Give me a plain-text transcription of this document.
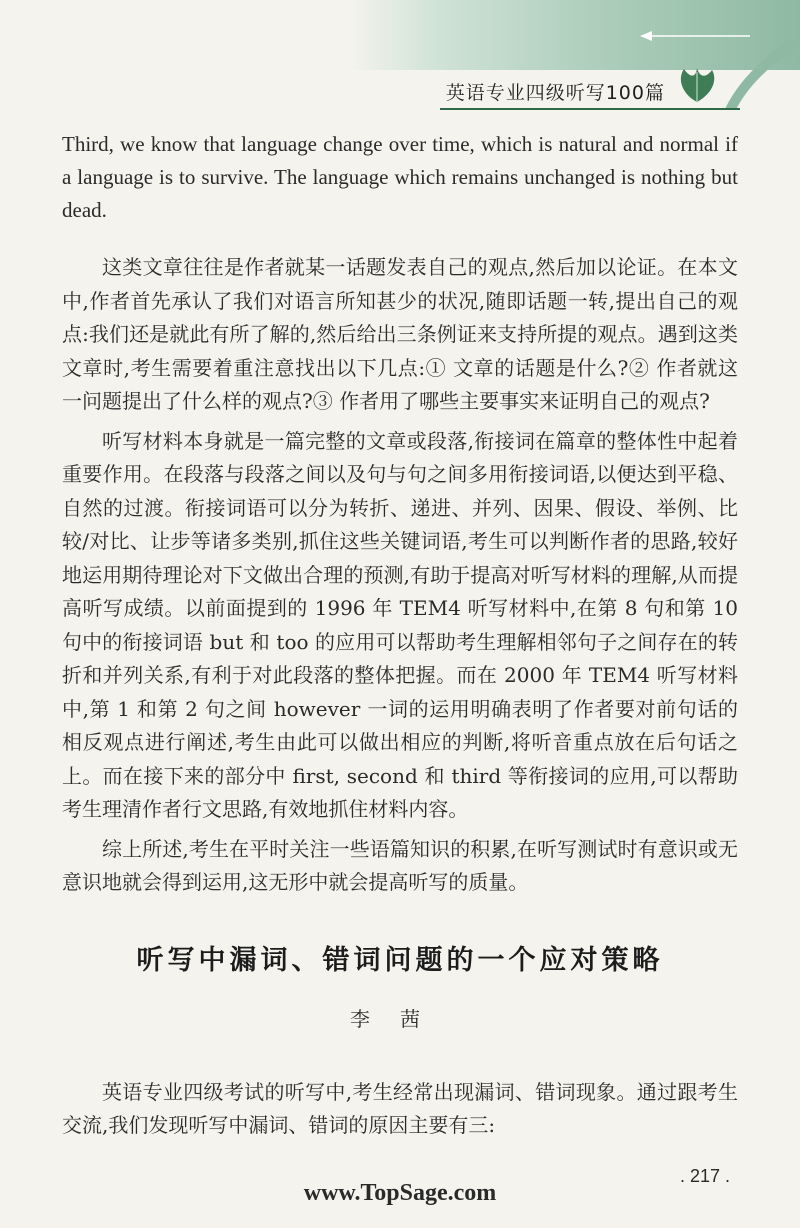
英语专业四级听写100篇

Third, we know that language change over time, which is natural and normal if a language is to survive. The language which remains unchanged is nothing but dead.

这类文章往往是作者就某一话题发表自己的观点,然后加以论证。在本文中,作者首先承认了我们对语言所知甚少的状况,随即话题一转,提出自己的观点:我们还是就此有所了解的,然后给出三条例证来支持所提的观点。遇到这类文章时,考生需要着重注意找出以下几点:① 文章的话题是什么?② 作者就这一问题提出了什么样的观点?③ 作者用了哪些主要事实来证明自己的观点?

听写材料本身就是一篇完整的文章或段落,衔接词在篇章的整体性中起着重要作用。在段落与段落之间以及句与句之间多用衔接词语,以便达到平稳、自然的过渡。衔接词语可以分为转折、递进、并列、因果、假设、举例、比较/对比、让步等诸多类别,抓住这些关键词语,考生可以判断作者的思路,较好地运用期待理论对下文做出合理的预测,有助于提高对听写材料的理解,从而提高听写成绩。以前面提到的 1996 年 TEM4 听写材料中,在第 8 句和第 10 句中的衔接词语 but 和 too 的应用可以帮助考生理解相邻句子之间存在的转折和并列关系,有利于对此段落的整体把握。而在 2000 年 TEM4 听写材料中,第 1 和第 2 句之间 however 一词的运用明确表明了作者要对前句话的相反观点进行阐述,考生由此可以做出相应的判断,将听音重点放在后句话之上。而在接下来的部分中 first, second 和 third 等衔接词的应用,可以帮助考生理清作者行文思路,有效地抓住材料内容。

综上所述,考生在平时关注一些语篇知识的积累,在听写测试时有意识或无意识地就会得到运用,这无形中就会提高听写的质量。

听写中漏词、错词问题的一个应对策略
李茜

英语专业四级考试的听写中,考生经常出现漏词、错词现象。通过跟考生交流,我们发现听写中漏词、错词的原因主要有三:

. 217 .
www.TopSage.com
